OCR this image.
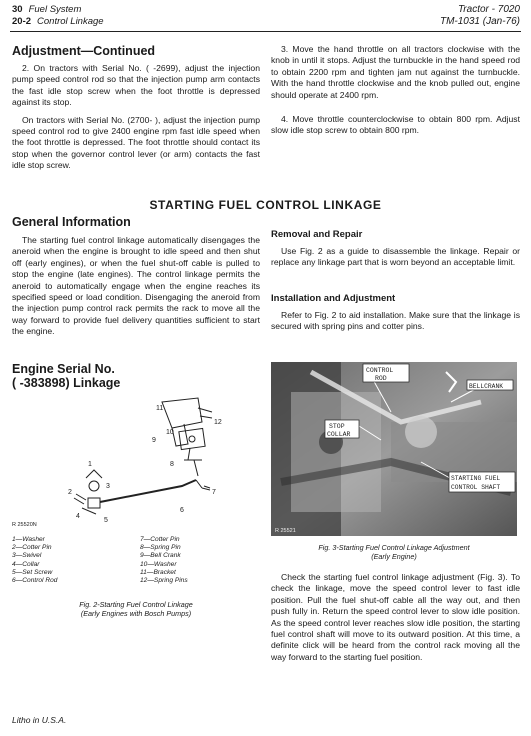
30 Fuel System
20-2 Control Linkage
Tractor - 7020
TM-1031 (Jan-76)
Adjustment—Continued

2. On tractors with Serial No. ( -2699), adjust the injection pump speed control rod so that the injection pump arm contacts the fast idle stop screw when the foot throttle is depressed against its stop.

On tractors with Serial No. (2700- ), adjust the injection pump speed control rod to give 2400 engine rpm fast idle speed when the foot throttle is depressed. The foot throttle should contact its stop when the governor control lever (or arm) contacts the fast idle stop screw.

3. Move the hand throttle on all tractors clockwise with the knob in until it stops. Adjust the turnbuckle in the hand speed rod to obtain 2200 rpm and tighten jam nut against the turnbuckle. With the hand throttle clockwise and the knob pulled out, engine should operate at 2400 rpm.

4. Move throttle counterclockwise to obtain 800 rpm. Adjust slow idle stop screw to obtain 800 rpm.

STARTING FUEL CONTROL LINKAGE
General Information

The starting fuel control linkage automatically disengages the aneroid when the engine is brought to idle speed and then shut off (early engines), or when the fuel shut-off cable is pulled to stop the engine (late engines). The control linkage permits the aneroid to automatically engage when the engine reaches its specified speed or load condition. Disengaging the aneroid from the injection pump control rack permits the rack to move all the way forward to provide fuel delivery quantities sufficient to start the engine.

Engine Serial No.
( -383898) Linkage
11
12
10
9
8
7
6
1
2
3
4
5
R 25520N
1—Washer
2—Cotter Pin
3—Swivel
4—Collar
5—Set Screw
6—Control Rod
7—Cotter Pin
8—Spring Pin
9—Bell Crank
10—Washer
11—Bracket
12—Spring Pins
Fig. 2-Starting Fuel Control Linkage
(Early Engines with Bosch Pumps)
Removal and Repair

Use Fig. 2 as a guide to disassemble the linkage. Repair or replace any linkage part that is worn beyond an acceptable limit.

Installation and Adjustment

Refer to Fig. 2 to aid installation. Make sure that the linkage is secured with spring pins and cotter pins.

CONTROL
ROD
BELLCRANK
STOP
COLLAR
STARTING FUEL
CONTROL SHAFT
R 25521
Fig. 3-Starting Fuel Control Linkage Adjustment
(Early Engine)

Check the starting fuel control linkage adjustment (Fig. 3). To check the linkage, move the speed control lever to fast idle position. Pull the fuel shut-off cable all the way out, and then push fully in. Return the speed control lever to slow idle position. As the speed control lever reaches slow idle position, the starting fuel control shaft will move to its outward position. At this time, a definite click will be heard from the control rack moving all the way forward to the starting fuel position.

Litho in U.S.A.
